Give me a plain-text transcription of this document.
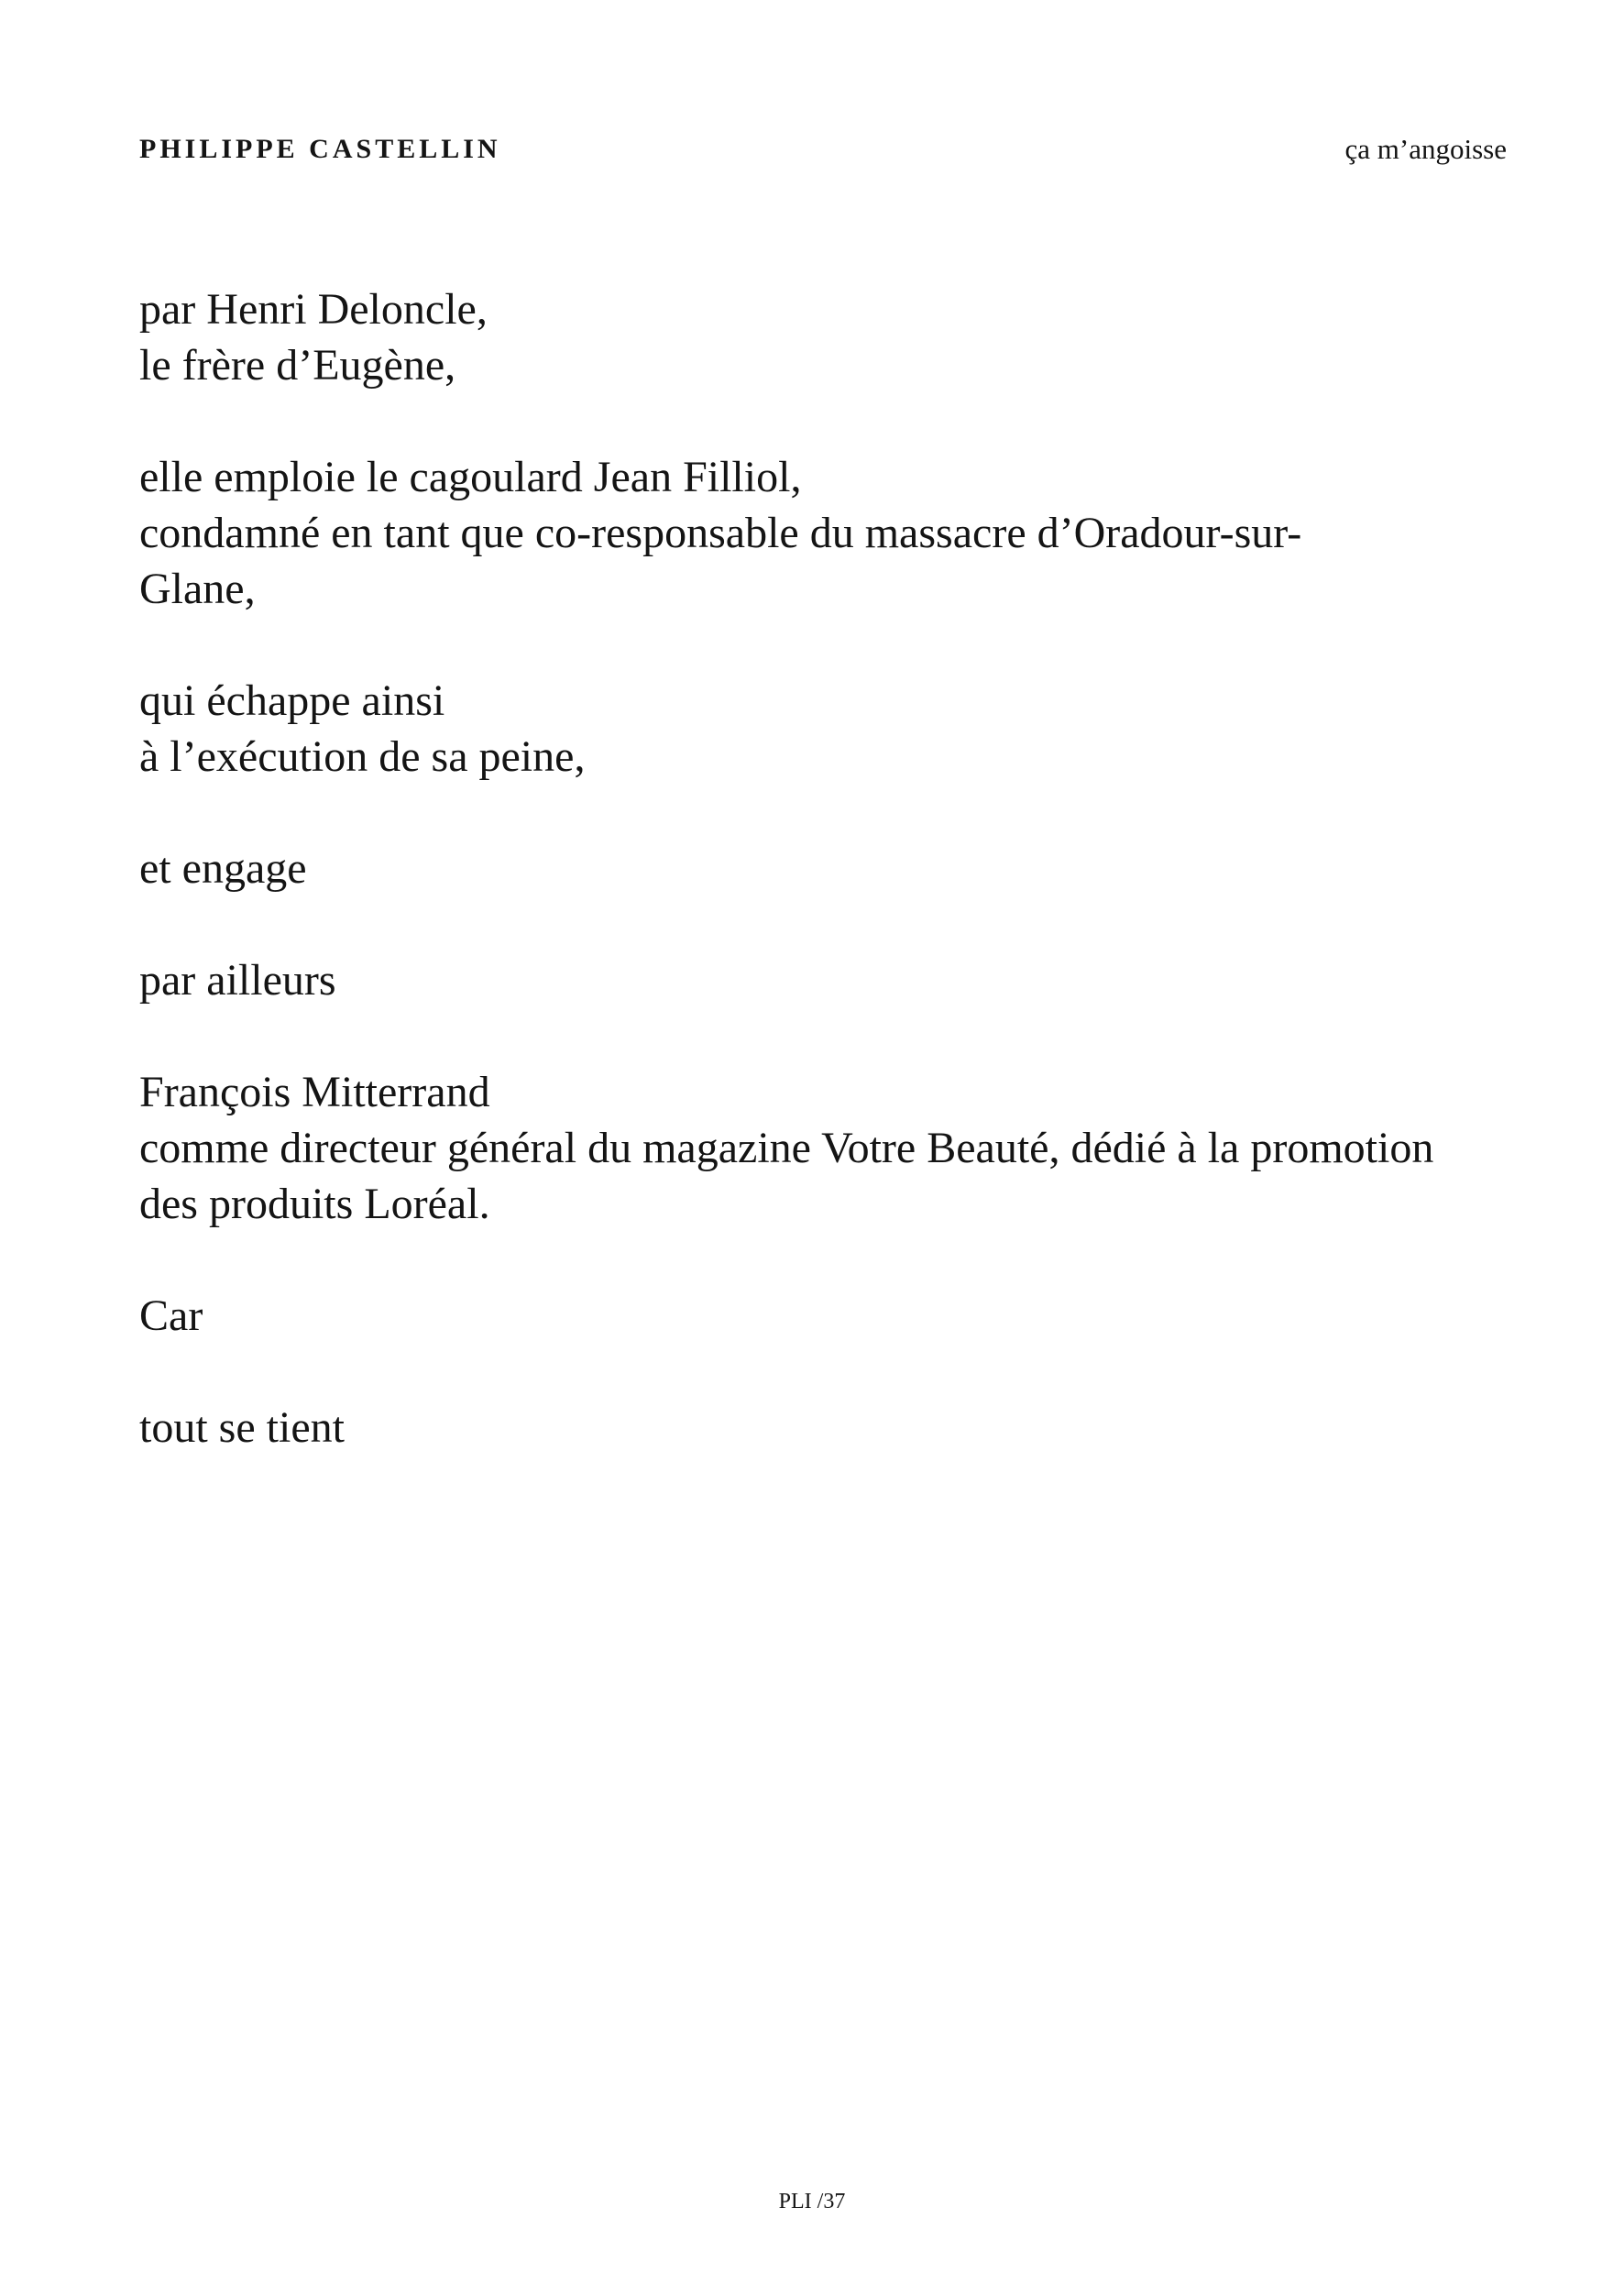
PHILIPPE CASTELLIN	ça m’angoisse
par Henri Deloncle,
le frère d’Eugène,
elle emploie le cagoulard Jean Filliol,
condamné en tant que co-responsable du massacre d’Oradour-sur-
Glane,
qui échappe ainsi
à l’exécution de sa peine,
et engage
par ailleurs
François Mitterrand
comme directeur général du magazine Votre Beauté, dédié à la promotion
des produits Loréal.
Car
tout se tient
PLI /37
